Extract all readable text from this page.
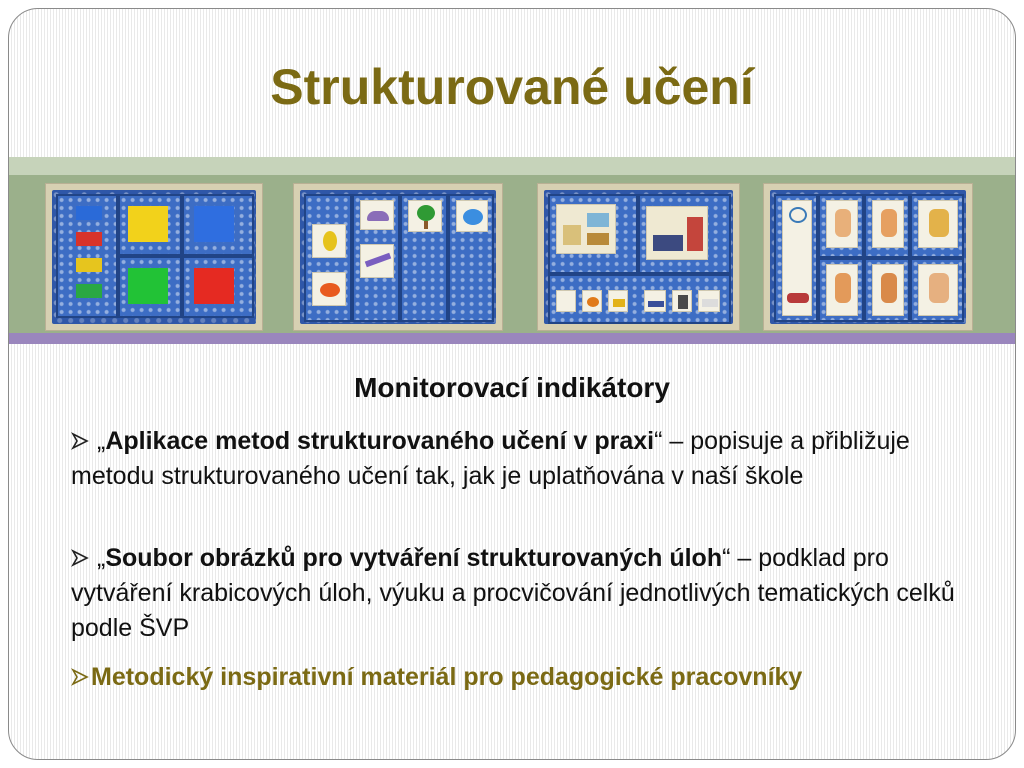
Strukturované učení
Monitorovací indikátory
„Aplikace metod strukturovaného učení v praxi“ – popisuje a přibližuje metodu strukturovaného učení tak, jak je uplatňována v naší škole
„Soubor obrázků pro vytváření strukturovaných úloh“ – podklad pro vytváření krabicových úloh, výuku a procvičování jednotlivých tematických celků podle ŠVP
Metodický inspirativní materiál pro pedagogické pracovníky
